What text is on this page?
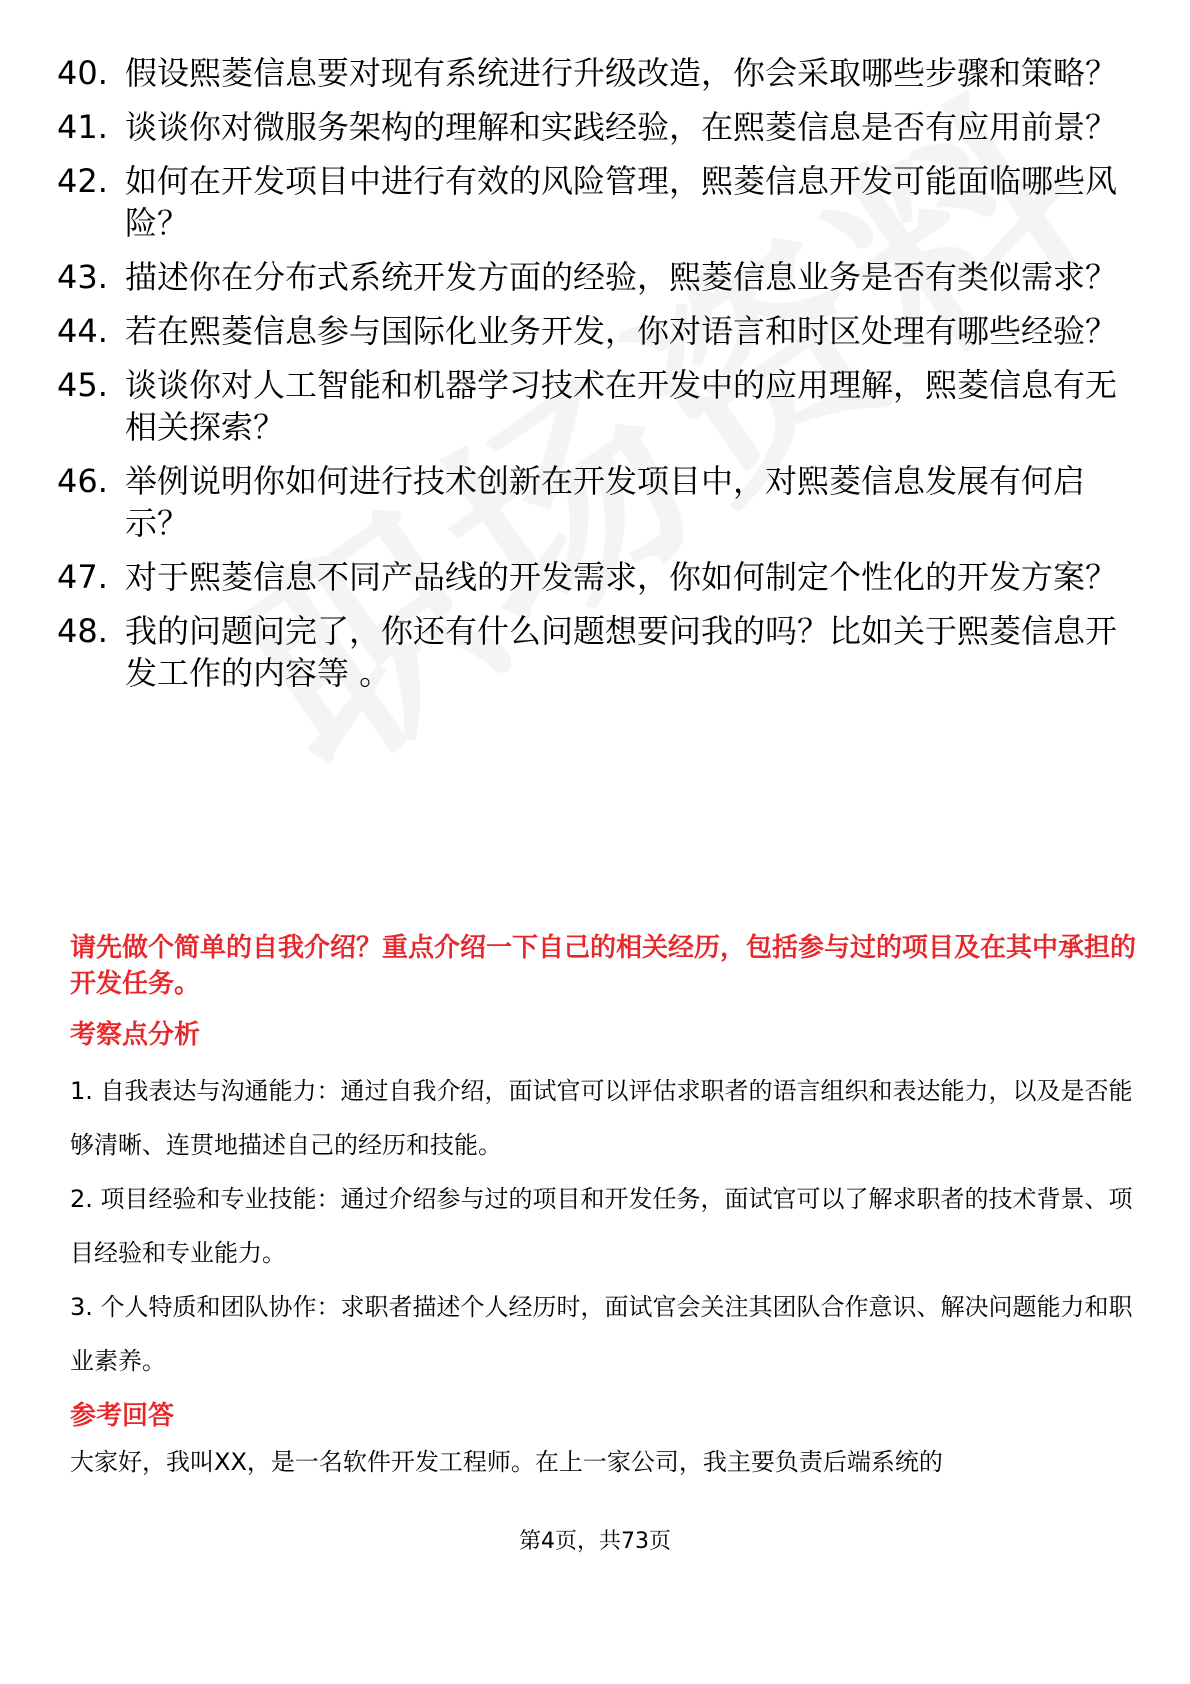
40. 假设熙菱信息要对现有系统进行升级改造，你会采取哪些步骤和策略？
41. 谈谈你对微服务架构的理解和实践经验，在熙菱信息是否有应用前景？
42. 如何在开发项目中进行有效的风险管理，熙菱信息开发可能面临哪些风险？
43. 描述你在分布式系统开发方面的经验，熙菱信息业务是否有类似需求？
44. 若在熙菱信息参与国际化业务开发，你对语言和时区处理有哪些经验？
45. 谈谈你对人工智能和机器学习技术在开发中的应用理解，熙菱信息有无相关探索？
46. 举例说明你如何进行技术创新在开发项目中，对熙菱信息发展有何启示？
47. 对于熙菱信息不同产品线的开发需求，你如何制定个性化的开发方案？
48. 我的问题问完了，你还有什么问题想要问我的吗？比如关于熙菱信息开发工作的内容等 。

请先做个简单的自我介绍？重点介绍一下自己的相关经历，包括参与过的项目及在其中承担的开发任务。

考察点分析
1. 自我表达与沟通能力：通过自我介绍，面试官可以评估求职者的语言组织和表达能力，以及是否能够清晰、连贯地描述自己的经历和技能。
2. 项目经验和专业技能：通过介绍参与过的项目和开发任务，面试官可以了解求职者的技术背景、项目经验和专业能力。
3. 个人特质和团队协作：求职者描述个人经历时，面试官会关注其团队合作意识、解决问题能力和职业素养。
参考回答

大家好，我叫XX，是一名软件开发工程师。在上一家公司，我主要负责后端系统的

第4页，共73页
